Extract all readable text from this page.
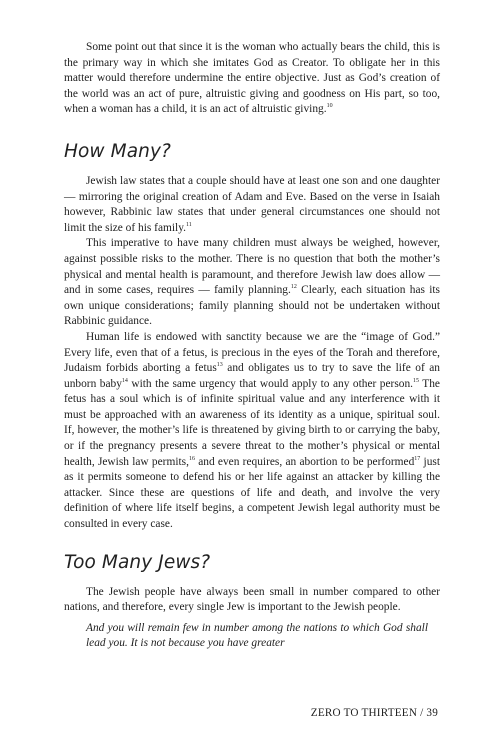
Some point out that since it is the woman who actually bears the child, this is the primary way in which she imitates God as Creator. To obligate her in this matter would therefore undermine the entire objective. Just as God’s creation of the world was an act of pure, altruistic giving and goodness on His part, so too, when a woman has a child, it is an act of altruistic giving.$^{10}$

How Many?

Jewish law states that a couple should have at least one son and one daughter — mirroring the original creation of Adam and Eve. Based on the verse in Isaiah however, Rabbinic law states that under general circumstances one should not limit the size of his family.$^{11}$

This imperative to have many children must always be weighed, however, against possible risks to the mother. There is no question that both the mother’s physical and mental health is paramount, and therefore Jewish law does allow — and in some cases, requires — family planning.$^{12}$ Clearly, each situation has its own unique considerations; family planning should not be undertaken without Rabbinic guidance.

Human life is endowed with sanctity because we are the “image of God.” Every life, even that of a fetus, is precious in the eyes of the Torah and therefore, Judaism forbids aborting a fetus$^{13}$ and obligates us to try to save the life of an unborn baby$^{14}$ with the same urgency that would apply to any other person.$^{15}$ The fetus has a soul which is of infinite spiritual value and any interference with it must be approached with an awareness of its identity as a unique, spiritual soul. If, however, the mother’s life is threatened by giving birth to or carrying the baby, or if the pregnancy presents a severe threat to the mother’s physical or mental health, Jewish law permits,$^{16}$ and even requires, an abortion to be performed$^{17}$ just as it permits someone to defend his or her life against an attacker by killing the attacker. Since these are questions of life and death, and involve the very definition of where life itself begins, a competent Jewish legal authority must be consulted in every case.

Too Many Jews?

The Jewish people have always been small in number compared to other nations, and therefore, every single Jew is important to the Jewish people.

And you will remain few in number among the nations to which God shall lead you. It is not because you have greater

ZERO TO THIRTEEN / 39
